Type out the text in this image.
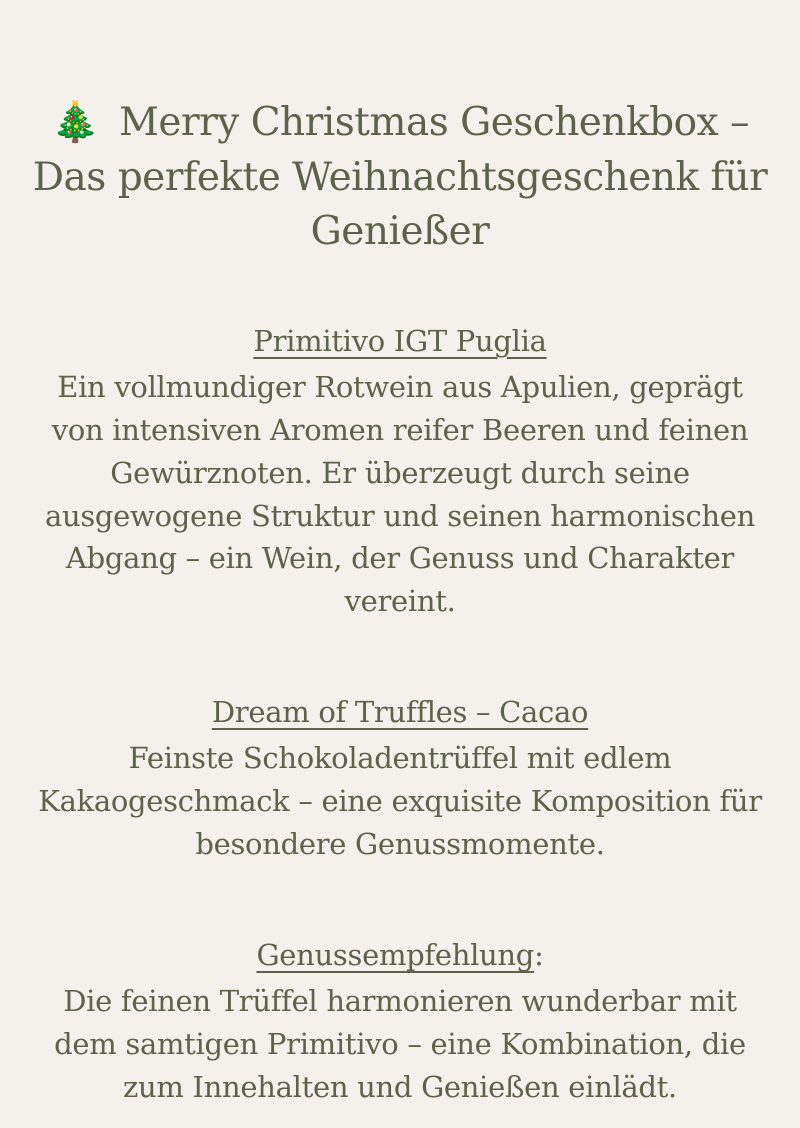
🎄 Merry Christmas Geschenkbox – Das perfekte Weihnachtsgeschenk für Genießer
Primitivo IGT Puglia

Ein vollmundiger Rotwein aus Apulien, geprägt von intensiven Aromen reifer Beeren und feinen Gewürznoten. Er überzeugt durch seine ausgewogene Struktur und seinen harmonischen Abgang – ein Wein, der Genuss und Charakter vereint.

Dream of Truffles – Cacao

Feinste Schokoladentrüffel mit edlem Kakaogeschmack – eine exquisite Komposition für besondere Genussmomente.

Genussempfehlung:

Die feinen Trüffel harmonieren wunderbar mit dem samtigen Primitivo – eine Kombination, die zum Innehalten und Genießen einlädt.
